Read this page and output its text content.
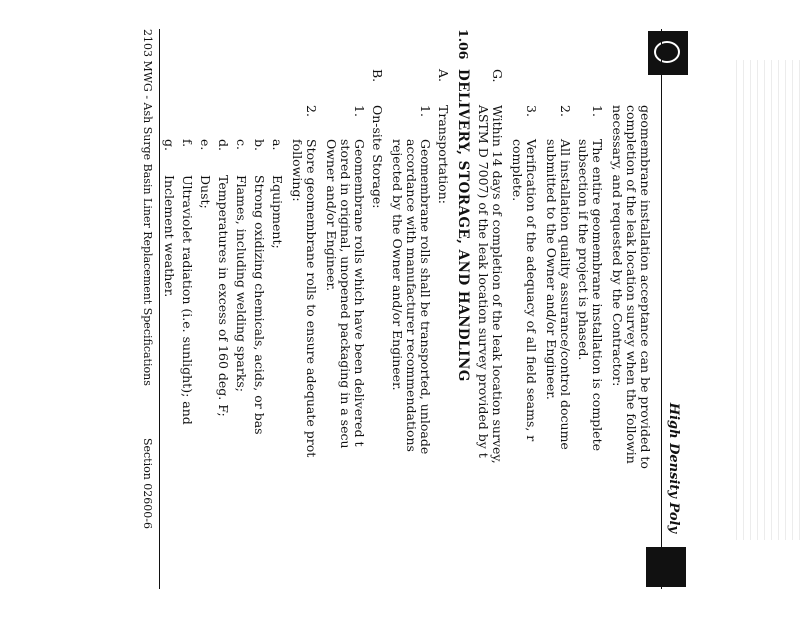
High Density Poly
geomembrane installation acceptance can be provided to
completion of the leak location survey when the followin
necessary, and requested by the Contractor:
1.
The entire geomembrane installation is complete
subsection if the project is phased.
2.
All installation quality assurance/control docume
submitted to the Owner and/or Engineer.
3.
Verification of the adequacy of all field seams, r
complete.
G.
Within 14 days of completion of the leak location survey,
ASTM D 7007) of the leak location survey provided by t
1.06
DELIVERY, STORAGE, AND HANDLING
A.
Transportation:
1.
Geomembrane rolls shall be transported, unloade
accordance with manufacturer recommendations
rejected by the Owner and/or Engineer.
B.
On-site Storage:
1.
Geomembrane rolls which have been delivered t
stored in original, unopened packaging in a secu
Owner and/or Engineer.
2.
Store geomembrane rolls to ensure adequate prot
following:
a.
Equipment;
b.
Strong oxidizing chemicals, acids, or bas
c.
Flames, including welding sparks;
d.
Temperatures in excess of 160 deg. F;
e.
Dust;
f.
Ultraviolet radiation (i.e. sunlight); and
g.
Inclement weather.
2103 MWG - Ash Surge Basin Liner Replacement Specifications
Section 02600-6
